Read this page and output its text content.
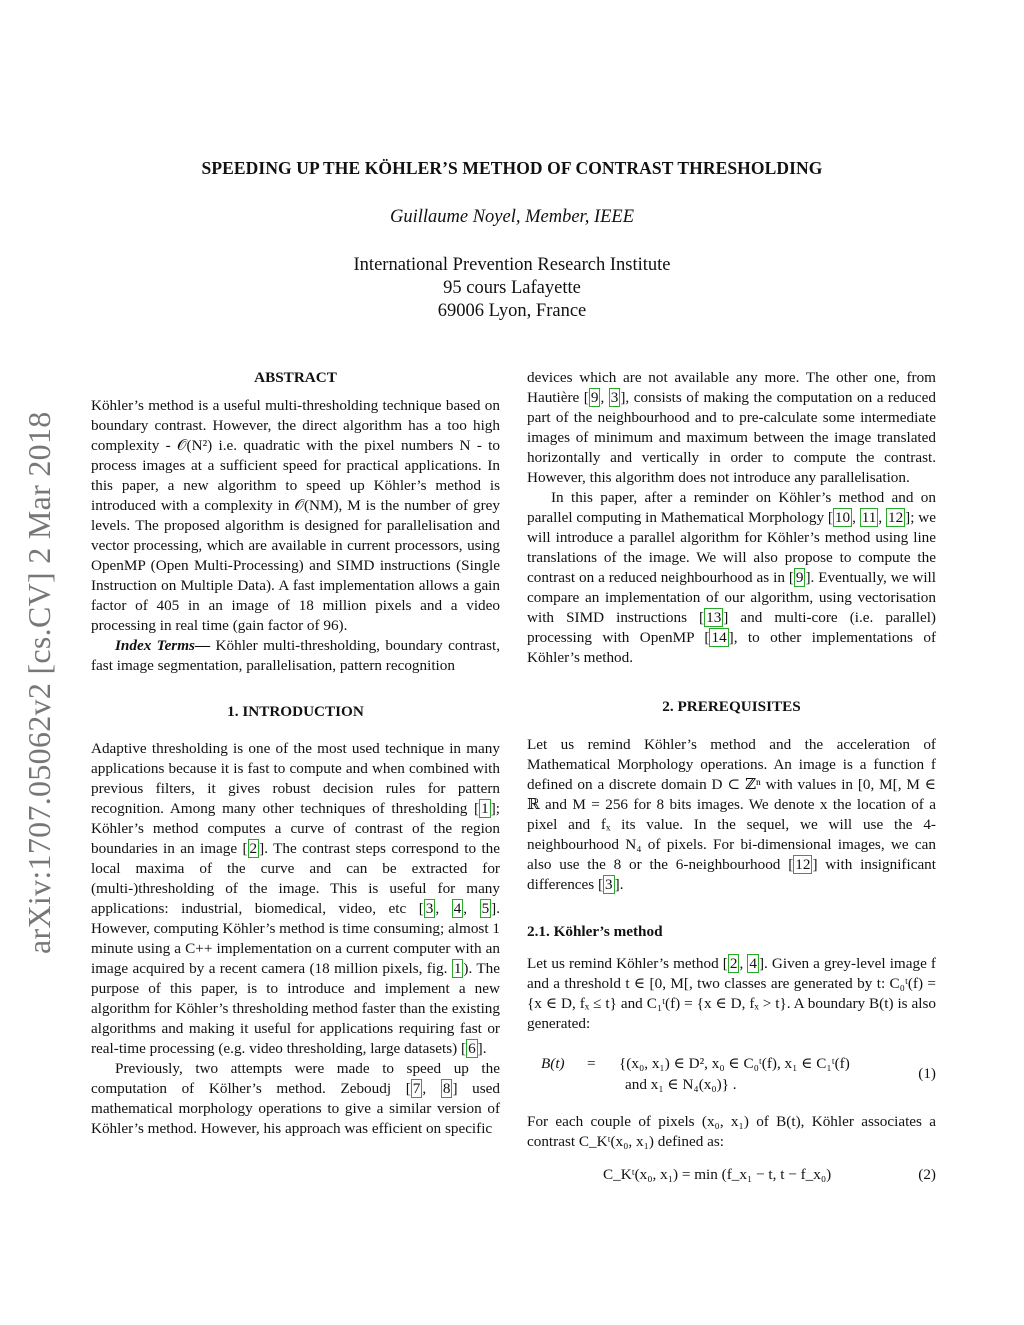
SPEEDING UP THE KÖHLER’S METHOD OF CONTRAST THRESHOLDING
Guillaume Noyel, Member, IEEE
International Prevention Research Institute
95 cours Lafayette
69006 Lyon, France
arXiv:1707.05062v2 [cs.CV] 2 Mar 2018
ABSTRACT

Köhler’s method is a useful multi-thresholding technique based on boundary contrast. However, the direct algorithm has a too high complexity - 𝒪(N²) i.e. quadratic with the pixel numbers N - to process images at a sufficient speed for practical applications. In this paper, a new algorithm to speed up Köhler’s method is introduced with a complexity in 𝒪(NM), M is the number of grey levels. The proposed algorithm is designed for parallelisation and vector processing, which are available in current processors, using OpenMP (Open Multi-Processing) and SIMD instructions (Single Instruction on Multiple Data). A fast implementation allows a gain factor of 405 in an image of 18 million pixels and a video processing in real time (gain factor of 96).

Index Terms— Köhler multi-thresholding, boundary contrast, fast image segmentation, parallelisation, pattern recognition

1. INTRODUCTION

Adaptive thresholding is one of the most used technique in many applications because it is fast to compute and when combined with previous filters, it gives robust decision rules for pattern recognition. Among many other techniques of thresholding [ 1 ]; Köhler’s method computes a curve of contrast of the region boundaries in an image [ 2 ]. The contrast steps correspond to the local maxima of the curve and can be extracted for (multi-)thresholding of the image. This is useful for many applications: industrial, biomedical, video, etc [ 3 , 4 , 5 ]. However, computing Köhler’s method is time consuming; almost 1 minute using a C++ implementation on a current computer with an image acquired by a recent camera (18 million pixels, fig. 1 ). The purpose of this paper, is to introduce and implement a new algorithm for Köhler’s thresholding method faster than the existing algorithms and making it useful for applications requiring fast or real-time processing (e.g. video thresholding, large datasets) [ 6 ].

Previously, two attempts were made to speed up the computation of Kölher’s method. Zeboudj [ 7 , 8 ] used mathematical morphology operations to give a similar version of Köhler’s method. However, his approach was efficient on specific

devices which are not available any more. The other one, from Hautière [ 9 , 3 ], consists of making the computation on a reduced part of the neighbourhood and to pre-calculate some intermediate images of minimum and maximum between the image translated horizontally and vertically in order to compute the contrast. However, this algorithm does not introduce any parallelisation.

In this paper, after a reminder on Köhler’s method and on parallel computing in Mathematical Morphology [ 10 , 11 , 12 ]; we will introduce a parallel algorithm for Köhler’s method using line translations of the image. We will also propose to compute the contrast on a reduced neighbourhood as in [ 9 ]. Eventually, we will compare an implementation of our algorithm, using vectorisation with SIMD instructions [ 13 ] and multi-core (i.e. parallel) processing with OpenMP [ 14 ], to other implementations of Köhler’s method.

2. PREREQUISITES

Let us remind Köhler’s method and the acceleration of Mathematical Morphology operations. An image is a function f defined on a discrete domain D ⊂ ℤⁿ with values in [0, M[, M ∈ ℝ and M = 256 for 8 bits images. We denote x the location of a pixel and fₓ its value. In the sequel, we will use the 4-neighbourhood N₄ of pixels. For bi-dimensional images, we can also use the 8 or the 6-neighbourhood [ 12 ] with insignificant differences [ 3 ].

2.1. Köhler’s method

Let us remind Köhler’s method [ 2 , 4 ]. Given a grey-level image f and a threshold t ∈ [0, M[, two classes are generated by t: C₀ᵗ(f) = {x ∈ D, fₓ ≤ t} and C₁ᵗ(f) = {x ∈ D, fₓ > t}. A boundary B(t) is also generated:

B(t) = {(x₀, x₁) ∈ D², x₀ ∈ C₀ᵗ(f), x₁ ∈ C₁ᵗ(f)
and x₁ ∈ N₄(x₀)} .
(1)

For each couple of pixels (x₀, x₁) of B(t), Köhler associates a contrast C_Kᵗ(x₀, x₁) defined as:

C_Kᵗ(x₀, x₁) = min (f_x₁ − t, t − f_x₀)	(2)
